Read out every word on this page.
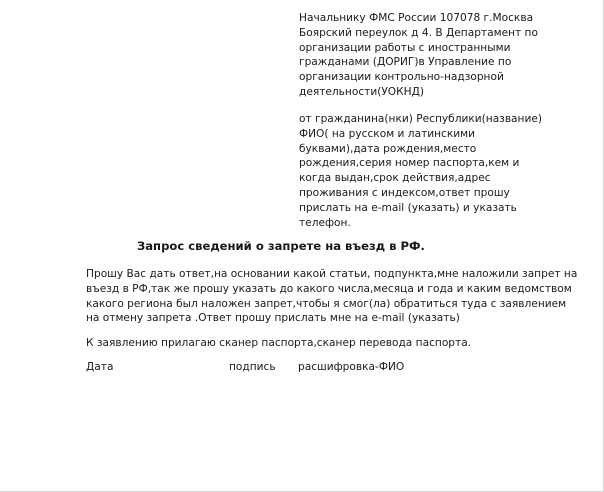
Начальнику ФМС России 107078 г.Москва
Боярский переулок д 4. В Департамент по
организации работы с иностранными
гражданами (ДОРИГ)в Управление по
организации контрольно-надзорной
деятельности(УОКНД)
от гражданина(нки) Республики(название)
ФИО( на русском и латинскими
буквами),дата рождения,место
рождения,серия номер паспорта,кем и
когда выдан,срок действия,адрес
проживания с индексом,ответ прошу
прислать на e-mail (указать) и указать
телефон.
Запрос сведений о запрете на въезд в РФ.
Прошу Вас дать ответ,на основании какой статьи, подпункта,мне наложили запрет на
въезд в РФ,так же прошу указать до какого числа,месяца и года и каким ведомством
какого региона был наложен запрет,чтобы я смог(ла) обратиться туда с заявлением
на отмену запрета .Ответ прошу прислать мне на e-mail (указать)
К заявлению прилагаю сканер паспорта,сканер перевода паспорта.
Дата	подпись расшифровка-ФИО
